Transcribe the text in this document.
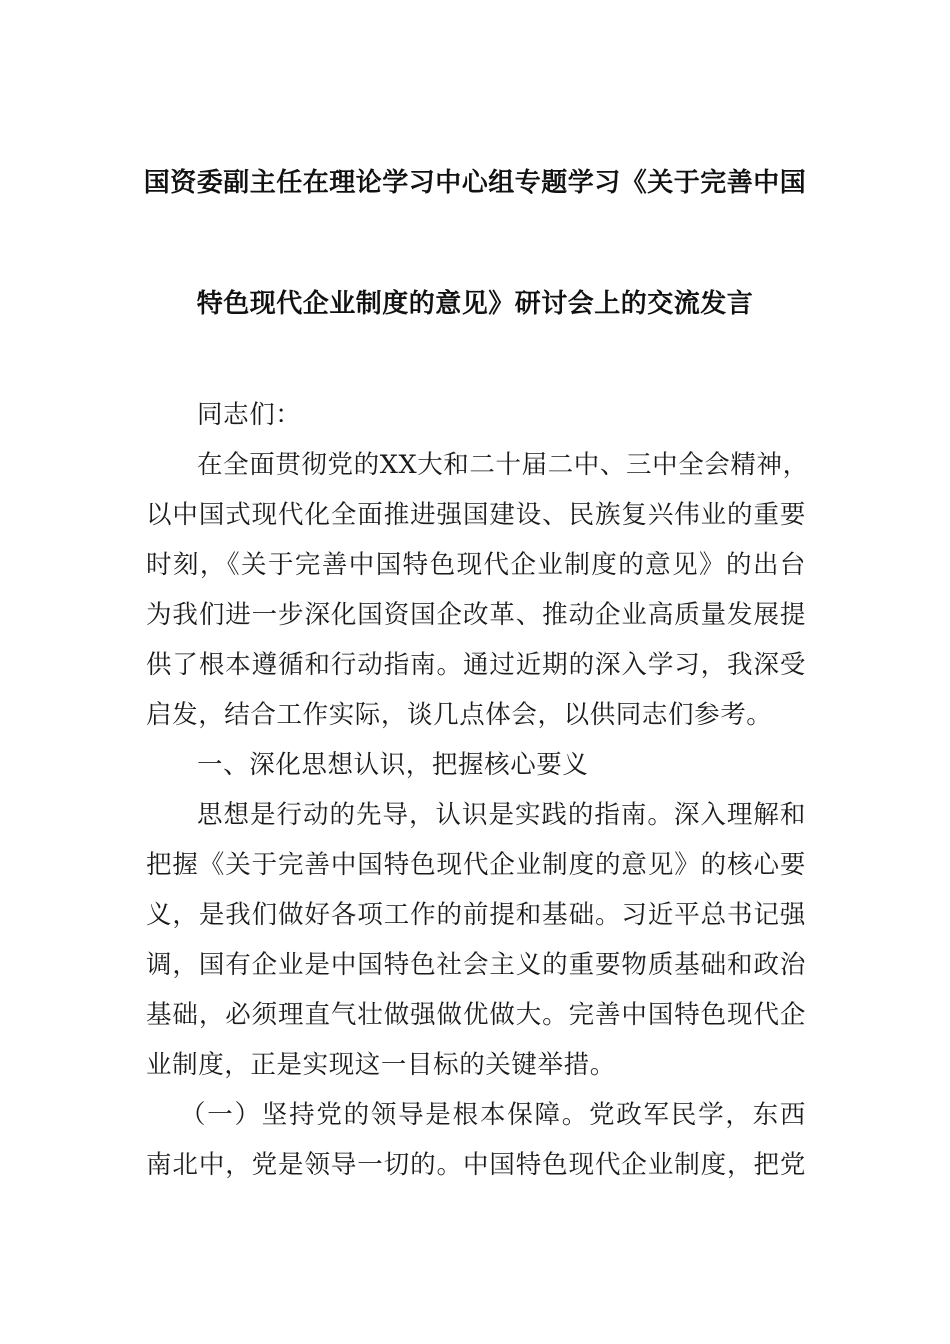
国资委副主任在理论学习中心组专题学习《关于完善中国
特色现代企业制度的意见》研讨会上的交流发言
同志们：
在全面贯彻党的XX大和二十届二中、三中全会精神，
以中国式现代化全面推进强国建设、民族复兴伟业的重要
时刻，《关于完善中国特色现代企业制度的意见》的出台
为我们进一步深化国资国企改革、推动企业高质量发展提
供了根本遵循和行动指南。通过近期的深入学习，我深受
启发，结合工作实际，谈几点体会，以供同志们参考。
一、深化思想认识，把握核心要义
思想是行动的先导，认识是实践的指南。深入理解和
把握《关于完善中国特色现代企业制度的意见》的核心要
义，是我们做好各项工作的前提和基础。习近平总书记强
调，国有企业是中国特色社会主义的重要物质基础和政治
基础，必须理直气壮做强做优做大。完善中国特色现代企
业制度，正是实现这一目标的关键举措。
（一）坚持党的领导是根本保障。党政军民学，东西
南北中，党是领导一切的。中国特色现代企业制度，把党
